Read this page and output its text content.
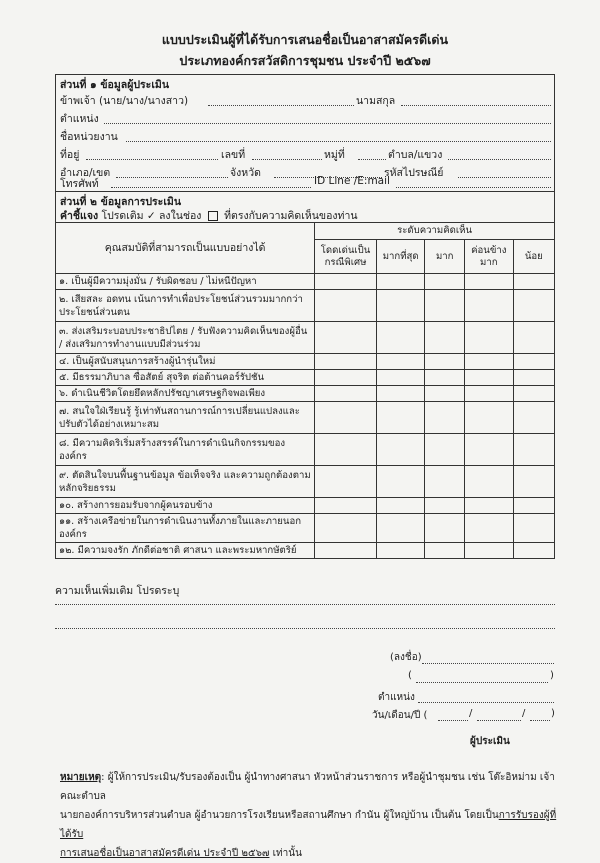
แบบประเมินผู้ที่ได้รับการเสนอชื่อเป็นอาสาสมัครดีเด่น
ประเภทองค์กรสวัสดิการชุมชน ประจำปี ๒๕๖๗
ส่วนที่ ๑ ข้อมูลผู้ประเมิน
ข้าพเจ้า (นาย/นาง/นางสาว)	นามสกุล
ตำแหน่ง
ชื่อหน่วยงาน
ที่อยู่	เลขที่	หมู่ที่	ตำบล/แขวง
อำเภอ/เขต	จังหวัด	รหัสไปรษณีย์
โทรศัพท์	ID Line /E:mail
ส่วนที่ ๒ ข้อมูลการประเมิน
คำชี้แจง โปรดเติม ✓ ลงในช่อง ที่ตรงกับความคิดเห็นของท่าน
คุณสมบัติที่สามารถเป็นแบบอย่างได้	ระดับความคิดเห็น				
	โดดเด่นเป็นกรณีพิเศษ	มากที่สุด	มาก	ค่อนข้างมาก	น้อย
๑. เป็นผู้มีความมุ่งมั่น / รับผิดชอบ / ไม่หนีปัญหา					
๒. เสียสละ อดทน เน้นการทำเพื่อประโยชน์ส่วนรวมมากกว่าประโยชน์ส่วนตน					
๓. ส่งเสริมระบอบประชาธิปไตย / รับฟังความคิดเห็นของผู้อื่น / ส่งเสริมการทำงานแบบมีส่วนร่วม					
๔. เป็นผู้สนับสนุนการสร้างผู้นำรุ่นใหม่					
๕. มีธรรมาภิบาล ซื่อสัตย์ สุจริต ต่อต้านคอร์รัปชัน					
๖. ดำเนินชีวิตโดยยึดหลักปรัชญาเศรษฐกิจพอเพียง					
๗. สนใจใฝ่เรียนรู้ รู้เท่าทันสถานการณ์การเปลี่ยนแปลงและปรับตัวได้อย่างเหมาะสม					
๘. มีความคิดริเริ่มสร้างสรรค์ในการดำเนินกิจกรรมขององค์กร					
๙. ตัดสินใจบนพื้นฐานข้อมูล ข้อเท็จจริง และความถูกต้องตามหลักจริยธรรม					
๑๐. สร้างการยอมรับจากผู้คนรอบข้าง					
๑๑. สร้างเครือข่ายในการดำเนินงานทั้งภายในและภายนอกองค์กร					
๑๒. มีความจงรัก ภักดีต่อชาติ ศาสนา และพระมหากษัตริย์					
ความเห็นเพิ่มเติม โปรดระบุ
(ลงชื่อ)
(	)
ตำแหน่ง
วัน/เดือน/ปี (	/	/	)
ผู้ประเมิน
หมายเหตุ: ผู้ให้การประเมิน/รับรองต้องเป็น ผู้นำทางศาสนา หัวหน้าส่วนราชการ หรือผู้นำชุมชน เช่น โต๊ะอิหม่าม เจ้าคณะตำบล
นายกองค์การบริหารส่วนตำบล ผู้อำนวยการโรงเรียนหรือสถานศึกษา กำนัน ผู้ใหญ่บ้าน เป็นต้น โดยเป็นการรับรองผู้ที่ได้รับ
การเสนอชื่อเป็นอาสาสมัครดีเด่น ประจำปี ๒๕๖๗ เท่านั้น
